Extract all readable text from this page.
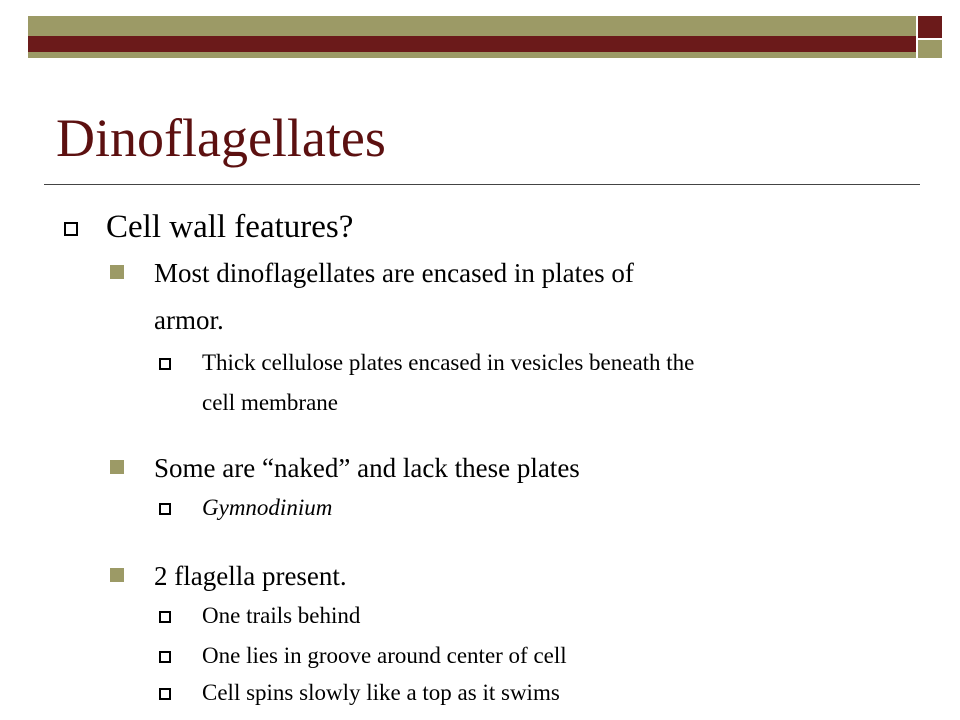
Dinoflagellates
Cell wall features?
Most dinoflagellates are encased in plates of
armor.
Thick cellulose plates encased in vesicles beneath the
cell membrane
Some are “naked” and lack these plates
Gymnodinium
2 flagella present.
One trails behind
One lies in groove around center of cell
Cell spins slowly like a top as it swims
